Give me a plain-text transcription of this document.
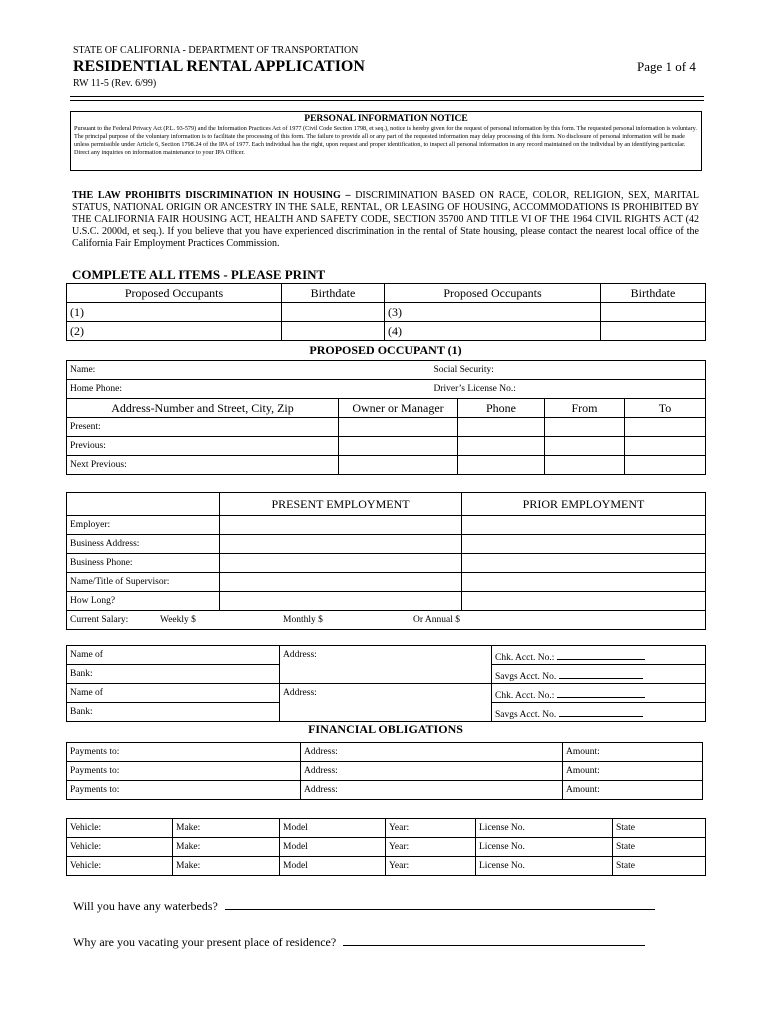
STATE OF CALIFORNIA - DEPARTMENT OF TRANSPORTATION
RESIDENTIAL RENTAL APPLICATION	Page 1 of 4
RW 11-5 (Rev. 6/99)
PERSONAL INFORMATION NOTICE
Pursuant to the Federal Privacy Act (P.L. 93-579) and the Information Practices Act of 1977 (Civil Code Section 1798, et seq.), notice is hereby given for the request of personal information by this form. The requested personal information is voluntary. The principal purpose of the voluntary information is to facilitate the processing of this form. The failure to provide all or any part of the requested information may delay processing of this form. No disclosure of personal information will be made unless permissible under Article 6, Section 1798.24 of the IPA of 1977. Each individual has the right, upon request and proper identification, to inspect all personal information in any record maintained on the individual by an identifying particular. Direct any inquiries on information maintenance to your IPA Officer.
THE LAW PROHIBITS DISCRIMINATION IN HOUSING – DISCRIMINATION BASED ON RACE, COLOR, RELIGION, SEX, MARITAL STATUS, NATIONAL ORIGIN OR ANCESTRY IN THE SALE, RENTAL, OR LEASING OF HOUSING, ACCOMMODATIONS IS PROHIBITED BY THE CALIFORNIA FAIR HOUSING ACT, HEALTH AND SAFETY CODE, SECTION 35700 AND TITLE VI OF THE 1964 CIVIL RIGHTS ACT (42 U.S.C. 2000d, et seq.). If you believe that you have experienced discrimination in the rental of State housing, please contact the nearest local office of the California Fair Employment Practices Commission.
COMPLETE ALL ITEMS - PLEASE PRINT
Proposed Occupants	Birthdate	Proposed Occupants	Birthdate
(1)		(3)	
(2)		(4)	
PROPOSED OCCUPANT (1)
Name:	Social Security:
Home Phone:	Driver’s License No.:
Address-Number and Street, City, Zip	Owner or Manager	Phone	From	To
Present:				
Previous:				
Next Previous:				
	PRESENT EMPLOYMENT	PRIOR EMPLOYMENT
Employer:		
Business Address:		
Business Phone:		
Name/Title of Supervisor:		
How Long?		
Current Salary: Weekly $ Monthly $ Or Annual $		
Name of	Address:	Chk. Acct. No.:
Bank:		Savgs Acct. No.
Name of	Address:	Chk. Acct. No.:
Bank:		Savgs Acct. No.
FINANCIAL OBLIGATIONS
Payments to:	Address:	Amount:
Payments to:	Address:	Amount:
Payments to:	Address:	Amount:
Vehicle:	Make:	Model	Year:	License No.	State
Vehicle:	Make:	Model	Year:	License No.	State
Vehicle:	Make:	Model	Year:	License No.	State
Will you have any waterbeds?
Why are you vacating your present place of residence?
